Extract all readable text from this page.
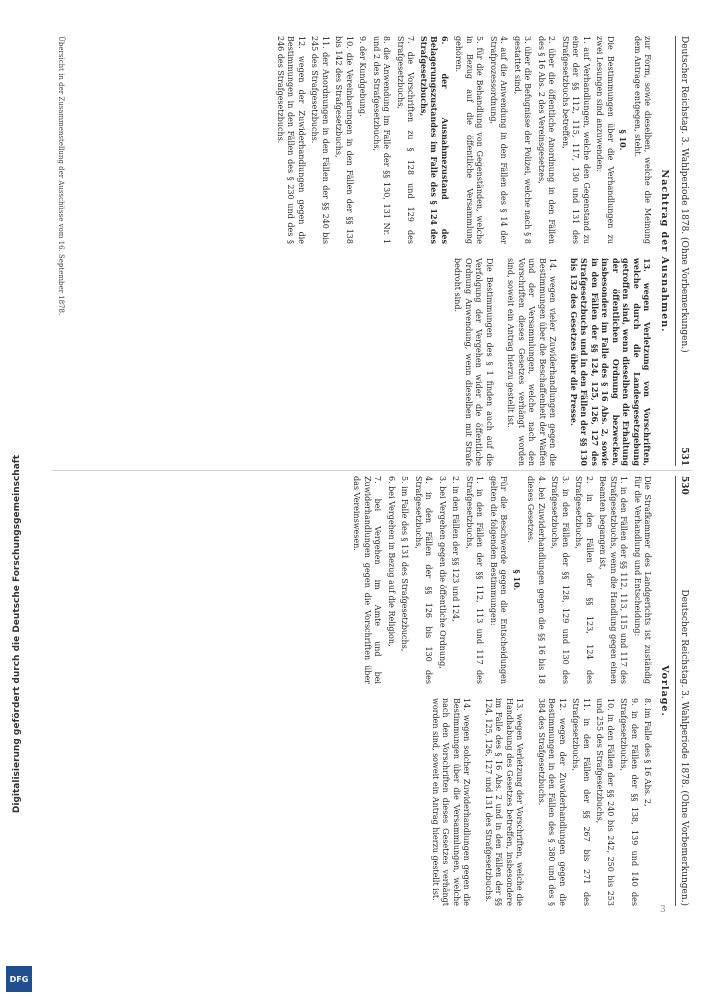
Deutscher Reichstag. 3. Wahlperiode 1878. (Ohne Vorbemerkungen.)
531
Nachtrag der Ausnahmen.

zur Form, sowie dieselben, welche die Meinung dem Antrage entgegen, steht.

§ 10.

Die Bestimmungen über die Verhandlungen zu zwei Lesungen sind anzuwenden:

1. auf Verhandlungen, welche den Gegenstand zu einer der §§ 112, 115, 117, 130 und 131 des Strafgesetzbuchs betreffen,

2. über die öffentliche Anordnung in den Fällen des § 16 Abs. 2 des Vereinsgesetzes,

3. über die Befugnisse der Polizei, welche nach § 8 gestattet sind,

4. auf die Anwendung in den Fällen des § 14 der Strafprozessordnung,

5. für die Behandlung von Gegenständen, welche in Bezug auf die öffentliche Versammlung gehören.

6. der Ausnahmezustand des Belagerungszustandes im Falle des § 124 des Strafgesetzbuchs,

7. die Vorschriften zu § 128 und 129 des Strafgesetzbuchs,

8. die Anwendung im Falle der §§ 130, 131 Nr. 1 und 2 des Strafgesetzbuchs,

9. der Kundgebung.

10. die Vereinbarungen in den Fällen der §§ 138 bis 142 des Strafgesetzbuchs,

11. der Anordnungen in den Fällen der §§ 240 bis 245 des Strafgesetzbuchs.

12. wegen der Zuwiderhandlungen gegen die Bestimmungen in den Fällen des § 230 und des § 246 des Strafgesetzbuchs.

13. wegen Verletzung von Vorschriften, welche durch die Landesgesetzgebung getroffen sind, wenn dieselben die Erhaltung der öffentlichen Ordnung bezwecken, insbesondere im Falle des § 16 Abs. 2, sowie in den Fällen der §§ 124, 125, 126, 127 des Strafgesetzbuchs und in den Fällen der §§ 130 bis 132 des Gesetzes über die Presse.

14. wegen vieler Zuwiderhandlungen gegen die Bestimmungen über die Beschaffenheit der Waffen und der Versammlungen, welche nach den Vorschriften dieses Gesetzes verhängt worden sind, soweit ein Antrag hierzu gestellt ist.

Die Bestimmungen des § 1 finden auch auf die Verfolgung der Vergehen wider die öffentliche Ordnung Anwendung, wenn dieselben mit Strafe bedroht sind.

Übersicht in der Zusammenstellung der Ausschüsse vom 16. September 1878.
530
Deutscher Reichstag. 3. Wahlperiode 1878. (Ohne Vorbemerkungen.)
Vorlage.

Die Strafkammer des Landgerichts ist zuständig für die Verhandlung und Entscheidung:

1. in den Fällen der §§ 112, 113, 115 und 117 des Strafgesetzbuchs, wenn die Handlung gegen einen Beamten begangen ist,

2. in den Fällen der §§ 123, 124 des Strafgesetzbuchs,

3. in den Fällen der §§ 128, 129 und 130 des Strafgesetzbuchs,

4. bei Zuwiderhandlungen gegen die §§ 16 bis 18 dieses Gesetzes.

§ 10.

Für die Beschwerde gegen die Entscheidungen gelten die folgenden Bestimmungen:

1. in den Fällen der §§ 112, 113 und 117 des Strafgesetzbuchs,

2. in den Fällen der §§ 123 und 124,

3. bei Vergehen gegen die öffentliche Ordnung,

4. in den Fällen der §§ 126 bis 130 des Strafgesetzbuchs,

5. im Falle des § 131 des Strafgesetzbuchs,

6. bei Vergehen in Bezug auf die Religion,

7. bei Vergehen im Amte und bei Zuwiderhandlungen gegen die Vorschriften über das Vereinswesen.

8. im Falle des § 16 Abs. 2,

9. in den Fällen der §§ 138, 139 und 140 des Strafgesetzbuchs,

10. in den Fällen der §§ 240 bis 242, 250 bis 253 und 255 des Strafgesetzbuchs,

11. in den Fällen der §§ 267 bis 271 des Strafgesetzbuchs,

12. wegen der Zuwiderhandlungen gegen die Bestimmungen in den Fällen des § 380 und des § 384 des Strafgesetzbuchs.

13. wegen Verletzung der Vorschriften, welche die Handhabung des Gesetzes betreffen, insbesondere im Falle des § 16 Abs. 2 und in den Fällen der §§ 124, 125, 126, 127 und 131 des Strafgesetzbuchs.

14. wegen solcher Zuwiderhandlungen gegen die Bestimmungen über die Versammlungen, welche nach den Vorschriften dieses Gesetzes verhängt worden sind, soweit ein Antrag hierzu gestellt ist.

3
Digitalisierung gefördert durch die Deutsche Forschungsgemeinschaft
DFG
